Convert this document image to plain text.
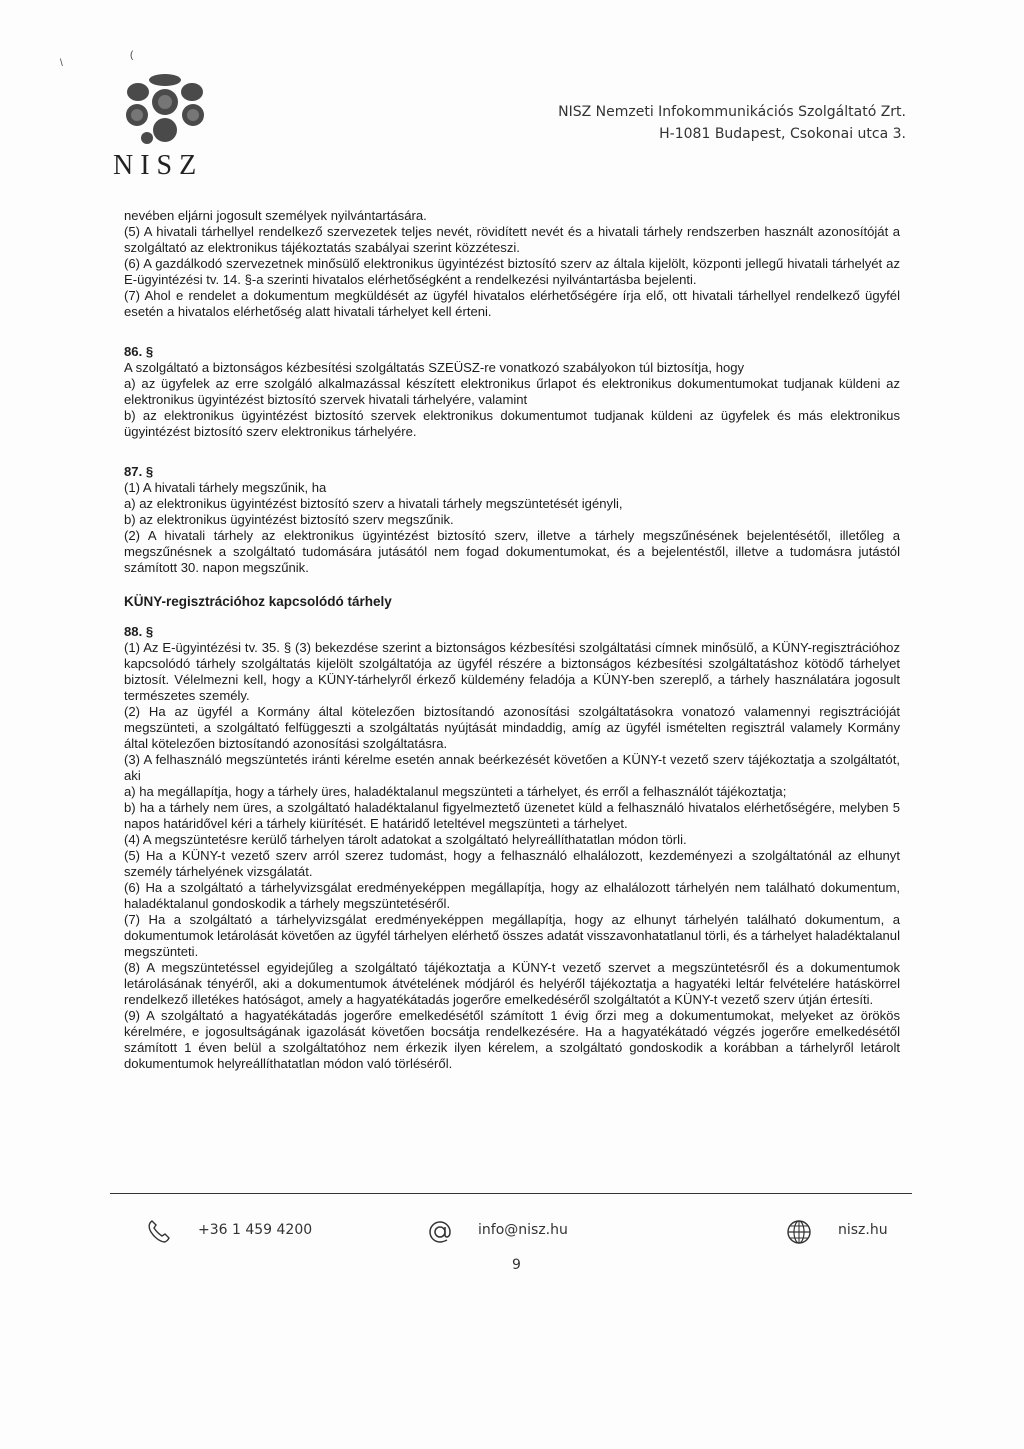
\
(
NISZ
NISZ Nemzeti Infokommunikációs Szolgáltató Zrt.
H-1081 Budapest, Csokonai utca 3.

nevében eljárni jogosult személyek nyilvántartására.

(5) A hivatali tárhellyel rendelkező szervezetek teljes nevét, rövidített nevét és a hivatali tárhely rendszerben használt azonosítóját a szolgáltató az elektronikus tájékoztatás szabályai szerint közzéteszi.

(6) A gazdálkodó szervezetnek minősülő elektronikus ügyintézést biztosító szerv az általa kijelölt, központi jellegű hivatali tárhelyét az E-ügyintézési tv. 14. §-a szerinti hivatalos elérhetőségként a rendelkezési nyilvántartásba bejelenti.

(7) Ahol e rendelet a dokumentum megküldését az ügyfél hivatalos elérhetőségére írja elő, ott hivatali tárhellyel rendelkező ügyfél esetén a hivatalos elérhetőség alatt hivatali tárhelyet kell érteni.

86. §

A szolgáltató a biztonságos kézbesítési szolgáltatás SZEÜSZ-re vonatkozó szabályokon túl biztosítja, hogy

a) az ügyfelek az erre szolgáló alkalmazással készített elektronikus űrlapot és elektronikus dokumentumokat tudjanak küldeni az elektronikus ügyintézést biztosító szervek hivatali tárhelyére, valamint

b) az elektronikus ügyintézést biztosító szervek elektronikus dokumentumot tudjanak küldeni az ügyfelek és más elektronikus ügyintézést biztosító szerv elektronikus tárhelyére.

87. §

(1) A hivatali tárhely megszűnik, ha

a) az elektronikus ügyintézést biztosító szerv a hivatali tárhely megszüntetését igényli,

b) az elektronikus ügyintézést biztosító szerv megszűnik.

(2) A hivatali tárhely az elektronikus ügyintézést biztosító szerv, illetve a tárhely megszűnésének bejelentésétől, illetőleg a megszűnésnek a szolgáltató tudomására jutásától nem fogad dokumentumokat, és a bejelentéstől, illetve a tudomásra jutástól számított 30. napon megszűnik.

KÜNY-regisztrációhoz kapcsolódó tárhely

88. §

(1) Az E-ügyintézési tv. 35. § (3) bekezdése szerint a biztonságos kézbesítési szolgáltatási címnek minősülő, a KÜNY-regisztrációhoz kapcsolódó tárhely szolgáltatás kijelölt szolgáltatója az ügyfél részére a biztonságos kézbesítési szolgáltatáshoz kötödő tárhelyet biztosít. Vélelmezni kell, hogy a KÜNY-tárhelyről érkező küldemény feladója a KÜNY-ben szereplő, a tárhely használatára jogosult természetes személy.

(2) Ha az ügyfél a Kormány által kötelezően biztosítandó azonosítási szolgáltatásokra vonatozó valamennyi regisztrációját megszünteti, a szolgáltató felfüggeszti a szolgáltatás nyújtását mindaddig, amíg az ügyfél ismételten regisztrál valamely Kormány által kötelezően biztosítandó azonosítási szolgáltatásra.

(3) A felhasználó megszüntetés iránti kérelme esetén annak beérkezését követően a KÜNY-t vezető szerv tájékoztatja a szolgáltatót, aki

a) ha megállapítja, hogy a tárhely üres, haladéktalanul megszünteti a tárhelyet, és erről a felhasználót tájékoztatja;

b) ha a tárhely nem üres, a szolgáltató haladéktalanul figyelmeztető üzenetet küld a felhasználó hivatalos elérhetőségére, melyben 5 napos határidővel kéri a tárhely kiürítését. E határidő leteltével megszünteti a tárhelyet.

(4) A megszüntetésre kerülő tárhelyen tárolt adatokat a szolgáltató helyreállíthatatlan módon törli.

(5) Ha a KÜNY-t vezető szerv arról szerez tudomást, hogy a felhasználó elhalálozott, kezdeményezi a szolgáltatónál az elhunyt személy tárhelyének vizsgálatát.

(6) Ha a szolgáltató a tárhelyvizsgálat eredményeképpen megállapítja, hogy az elhalálozott tárhelyén nem található dokumentum, haladéktalanul gondoskodik a tárhely megszüntetéséről.

(7) Ha a szolgáltató a tárhelyvizsgálat eredményeképpen megállapítja, hogy az elhunyt tárhelyén található dokumentum, a dokumentumok letárolását követően az ügyfél tárhelyen elérhető összes adatát visszavonhatatlanul törli, és a tárhelyet haladéktalanul megszünteti.

(8) A megszüntetéssel egyidejűleg a szolgáltató tájékoztatja a KÜNY-t vezető szervet a megszüntetésről és a dokumentumok letárolásának tényéről, aki a dokumentumok átvételének módjáról és helyéről tájékoztatja a hagyatéki leltár felvételére hatáskörrel rendelkező illetékes hatóságot, amely a hagyatékátadás jogerőre emelkedéséről szolgáltatót a KÜNY-t vezető szerv útján értesíti.

(9) A szolgáltató a hagyatékátadás jogerőre emelkedésétől számított 1 évig őrzi meg a dokumentumokat, melyeket az örökös kérelmére, e jogosultságának igazolását követően bocsátja rendelkezésére. Ha a hagyatékátadó végzés jogerőre emelkedésétől számított 1 éven belül a szolgáltatóhoz nem érkezik ilyen kérelem, a szolgáltató gondoskodik a korábban a tárhelyről letárolt dokumentumok helyreállíthatatlan módon való törléséről.

+36 1 459 4200	info@nisz.hu	nisz.hu
9
